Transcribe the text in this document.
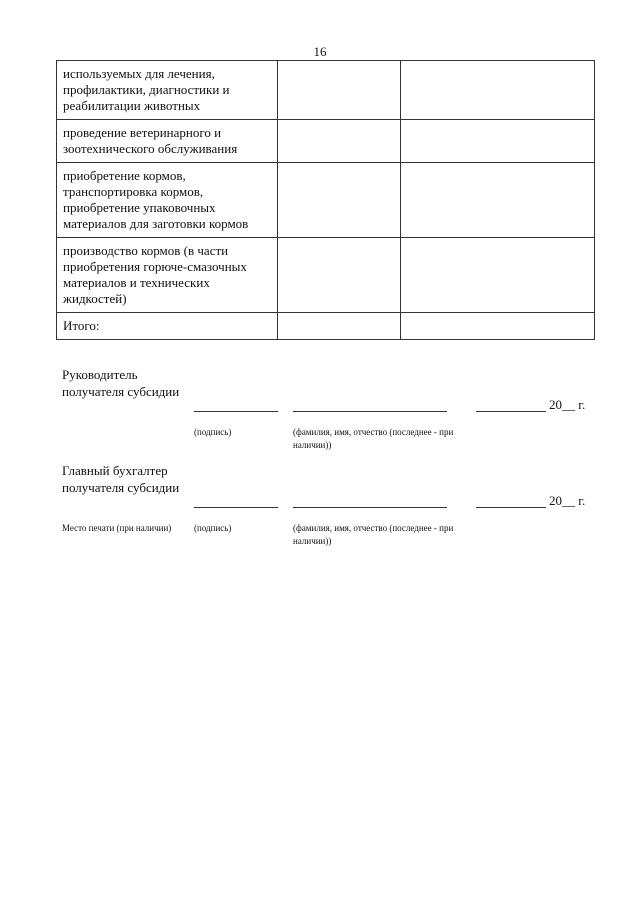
16
используемых для лечения, профилактики, диагностики и реабилитации животных		
проведение ветеринарного и зоотехнического обслуживания		
приобретение кормов, транспортировка кормов, приобретение упаковочных материалов для заготовки кормов		
производство кормов (в части приобретения горюче-смазочных материалов и технических жидкостей)		
Итого:		
Руководитель получателя субсидии
20__ г.
(подпись)	(фамилия, имя, отчество (последнее - при наличии))
Главный бухгалтер получателя субсидии
20__ г.
Место печати (при наличии)	(подпись)	(фамилия, имя, отчество (последнее - при наличии))
